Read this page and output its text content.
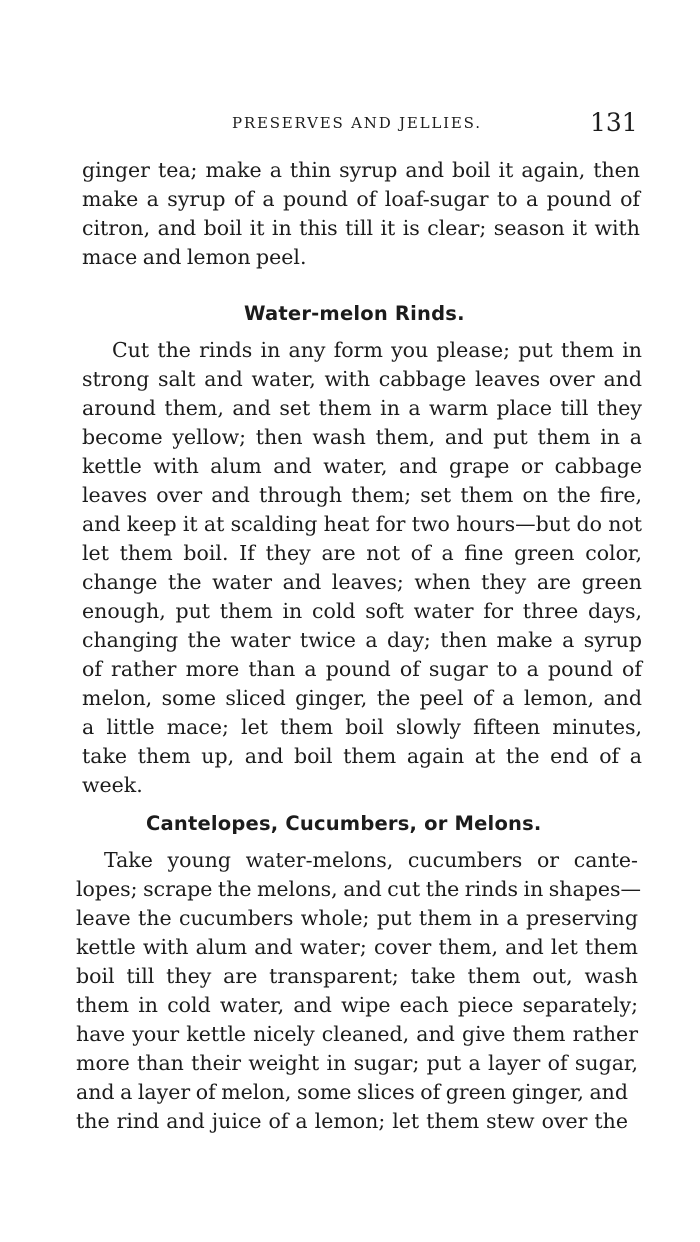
PRESERVES AND JELLIES.	131
ginger tea; make a thin syrup and boil it again, then
make a syrup of a pound of loaf-sugar to a pound of
citron, and boil it in this till it is clear; season it with
mace and lemon peel.
Water-melon Rinds.
Cut the rinds in any form you please; put them in
strong salt and water, with cabbage leaves over and
around them, and set them in a warm place till they
become yellow; then wash them, and put them in a
kettle with alum and water, and grape or cabbage
leaves over and through them; set them on the fire,
and keep it at scalding heat for two hours—but do not
let them boil. If they are not of a fine green color,
change the water and leaves; when they are green
enough, put them in cold soft water for three days,
changing the water twice a day; then make a syrup
of rather more than a pound of sugar to a pound of
melon, some sliced ginger, the peel of a lemon, and
a little mace; let them boil slowly fifteen minutes,
take them up, and boil them again at the end of a
week.
Cantelopes, Cucumbers, or Melons.
Take young water-melons, cucumbers or cante-
lopes; scrape the melons, and cut the rinds in shapes—
leave the cucumbers whole; put them in a preserving
kettle with alum and water; cover them, and let them
boil till they are transparent; take them out, wash
them in cold water, and wipe each piece separately;
have your kettle nicely cleaned, and give them rather
more than their weight in sugar; put a layer of sugar,
and a layer of melon, some slices of green ginger, and
the rind and juice of a lemon; let them stew over the
